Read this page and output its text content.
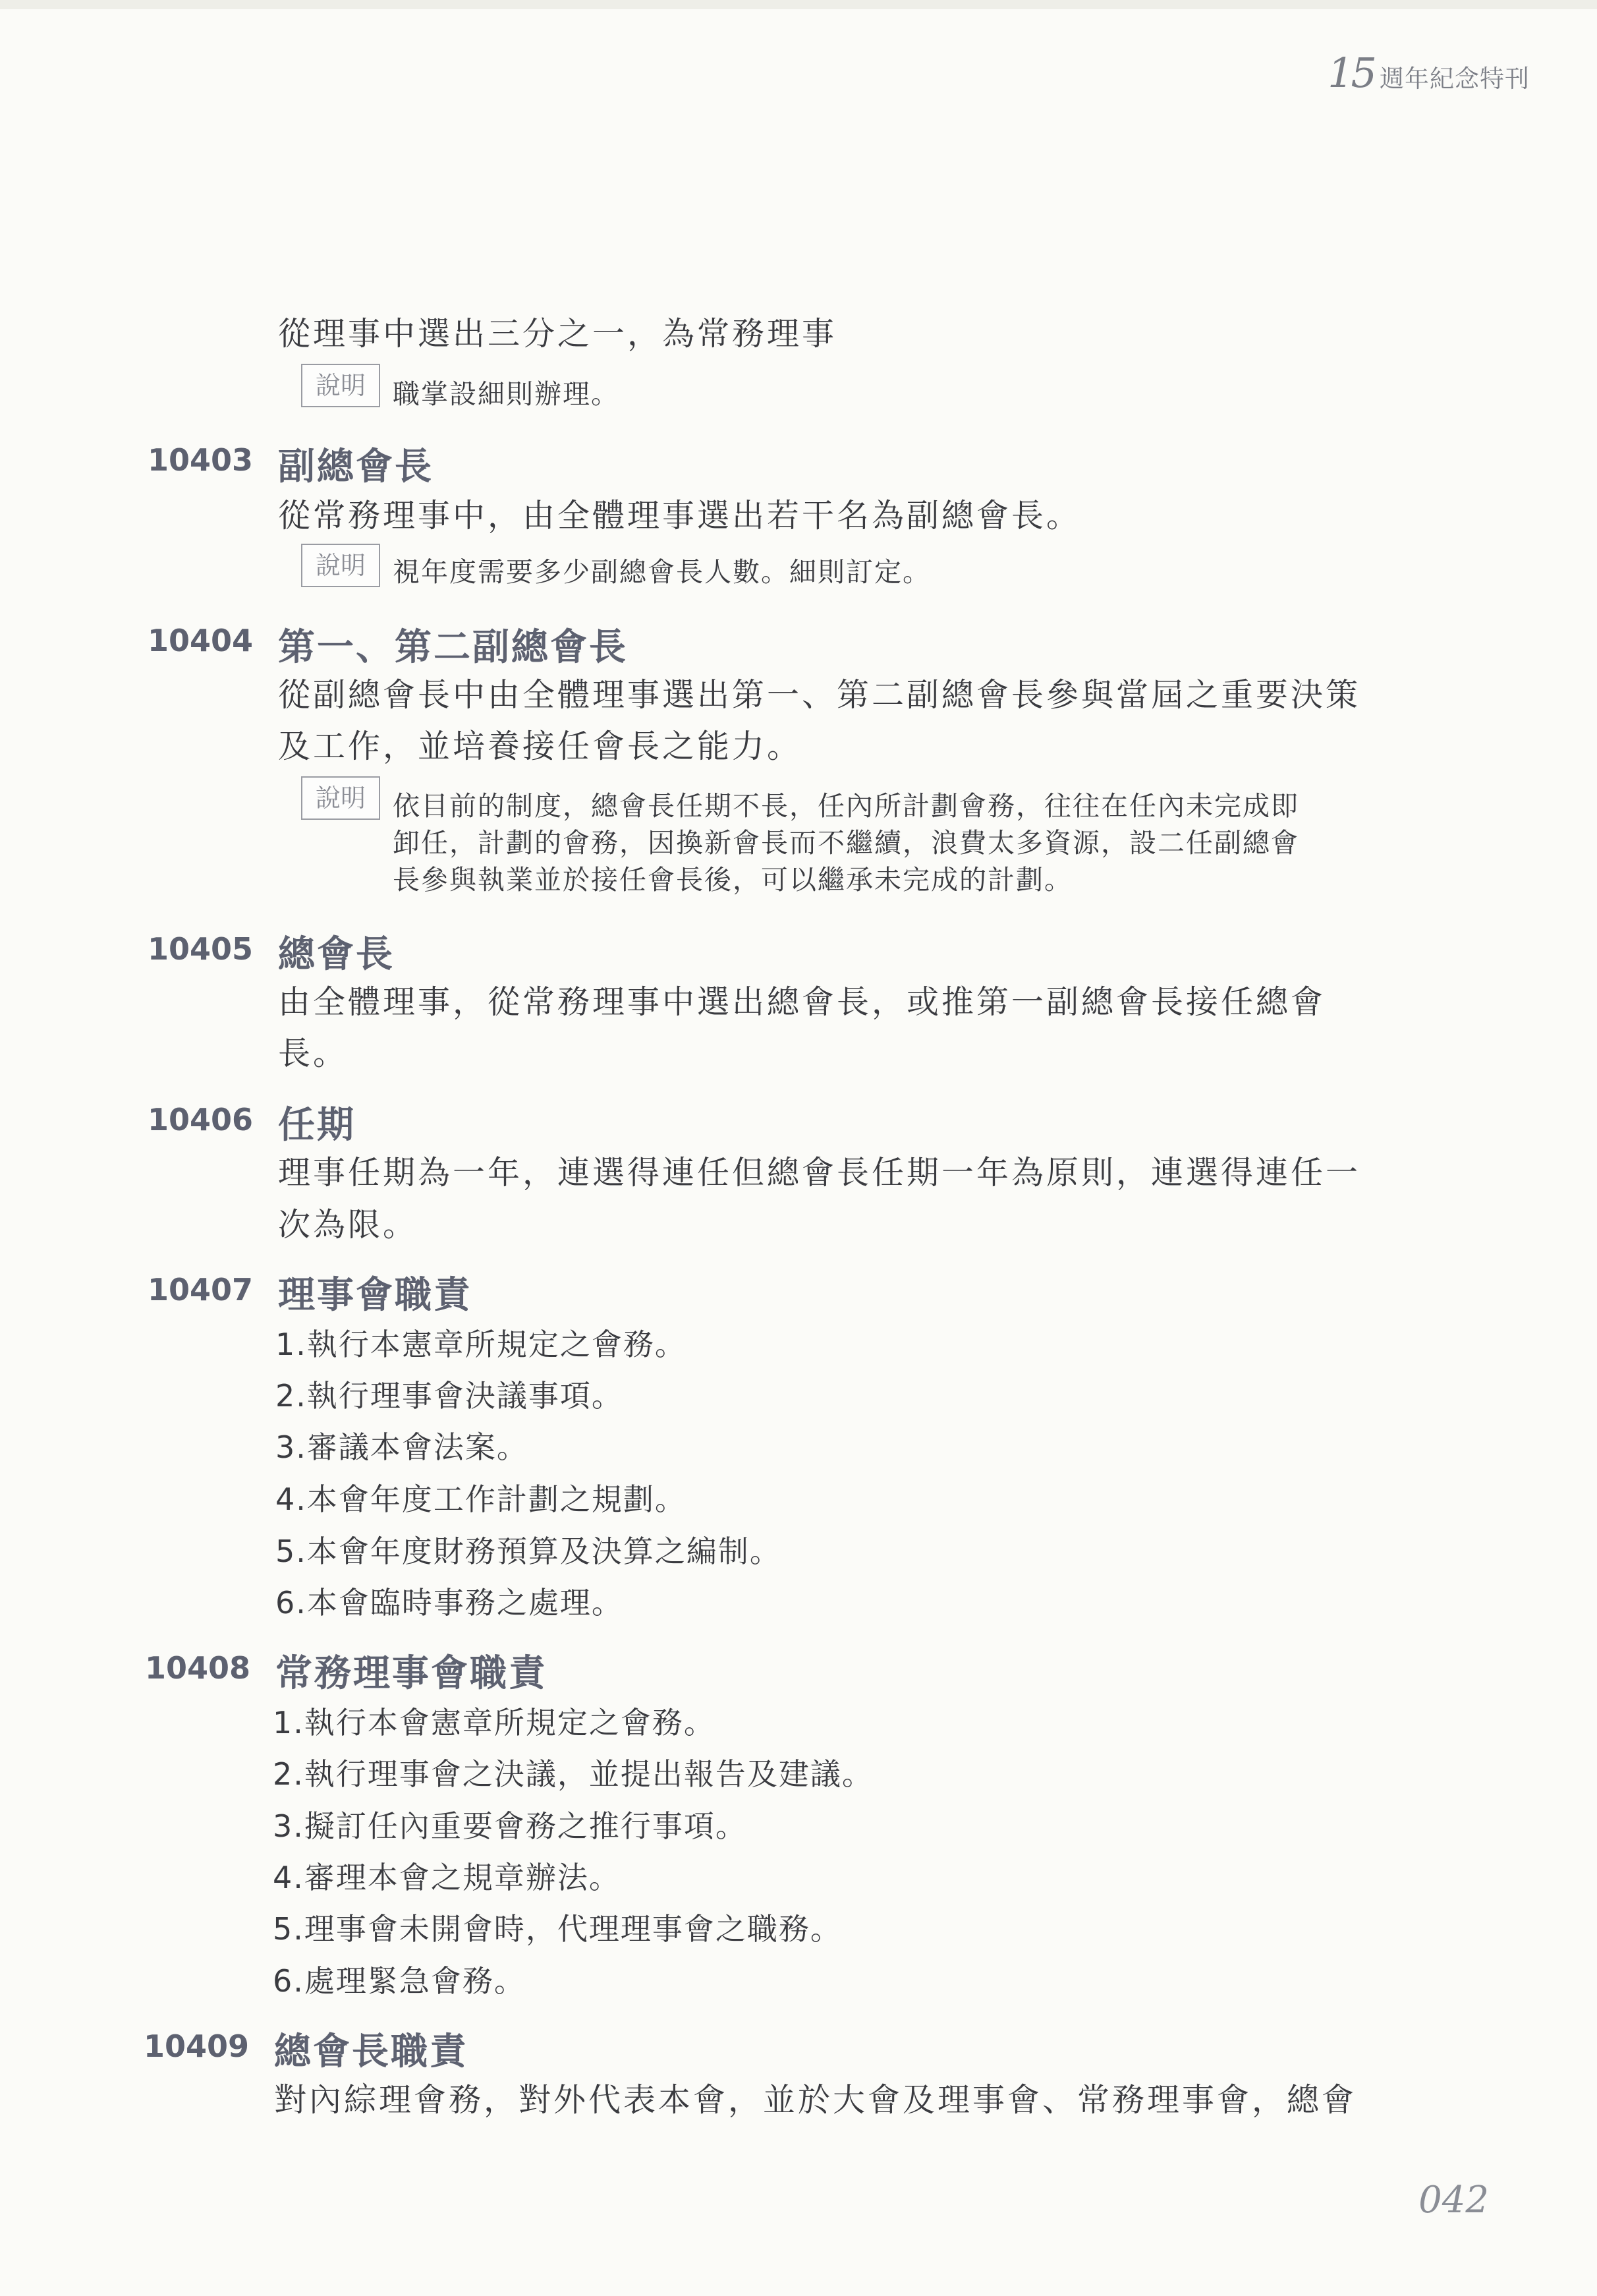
15 週年紀念特刊
從理事中選出三分之一，為常務理事
說明	職掌設細則辦理。
10403 副總會長
從常務理事中，由全體理事選出若干名為副總會長。
說明	視年度需要多少副總會長人數。細則訂定。
10404 第一、第二副總會長
從副總會長中由全體理事選出第一、第二副總會長參與當屆之重要決策
及工作，並培養接任會長之能力。
說明	依目前的制度，總會長任期不長，任內所計劃會務，往往在任內未完成即
卸任，計劃的會務，因換新會長而不繼續，浪費太多資源，設二任副總會
長參與執業並於接任會長後，可以繼承未完成的計劃。
10405 總會長
由全體理事，從常務理事中選出總會長，或推第一副總會長接任總會
長。
10406 任期
理事任期為一年，連選得連任但總會長任期一年為原則，連選得連任一
次為限。
10407 理事會職責
1.執行本憲章所規定之會務。
2.執行理事會決議事項。
3.審議本會法案。
4.本會年度工作計劃之規劃。
5.本會年度財務預算及決算之編制。
6.本會臨時事務之處理。
10408 常務理事會職責
1.執行本會憲章所規定之會務。
2.執行理事會之決議，並提出報告及建議。
3.擬訂任內重要會務之推行事項。
4.審理本會之規章辦法。
5.理事會未開會時，代理理事會之職務。
6.處理緊急會務。
10409 總會長職責
對內綜理會務，對外代表本會，並於大會及理事會、常務理事會，總會
042
